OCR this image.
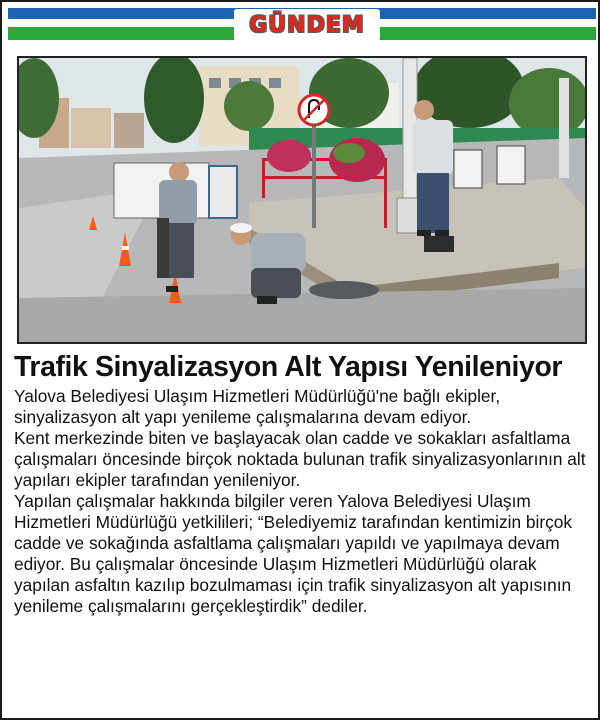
GÜNDEM
Trafik Sinyalizasyon Alt Yapısı Yenileniyor

Yalova Belediyesi Ulaşım Hizmetleri Müdürlüğü'ne bağlı ekipler, sinyalizasyon alt yapı yenileme çalışmalarına devam ediyor.

Kent merkezinde biten ve başlayacak olan cadde ve sokakları asfaltlama çalışmaları öncesinde birçok noktada bulunan trafik sinyalizasyonlarının alt yapıları ekipler tarafından yenileniyor.

Yapılan çalışmalar hakkında bilgiler veren Yalova Belediyesi Ulaşım Hizmetleri Müdürlüğü yetkilileri; “Belediyemiz tarafından kentimizin birçok cadde ve sokağında asfaltlama çalışmaları yapıldı ve yapılmaya devam ediyor. Bu çalışmalar öncesinde Ulaşım Hizmetleri Müdürlüğü olarak yapılan asfaltın kazılıp bozulmaması için trafik sinyalizasyon alt yapısının yenileme çalışmalarını gerçekleştirdik” dediler.
